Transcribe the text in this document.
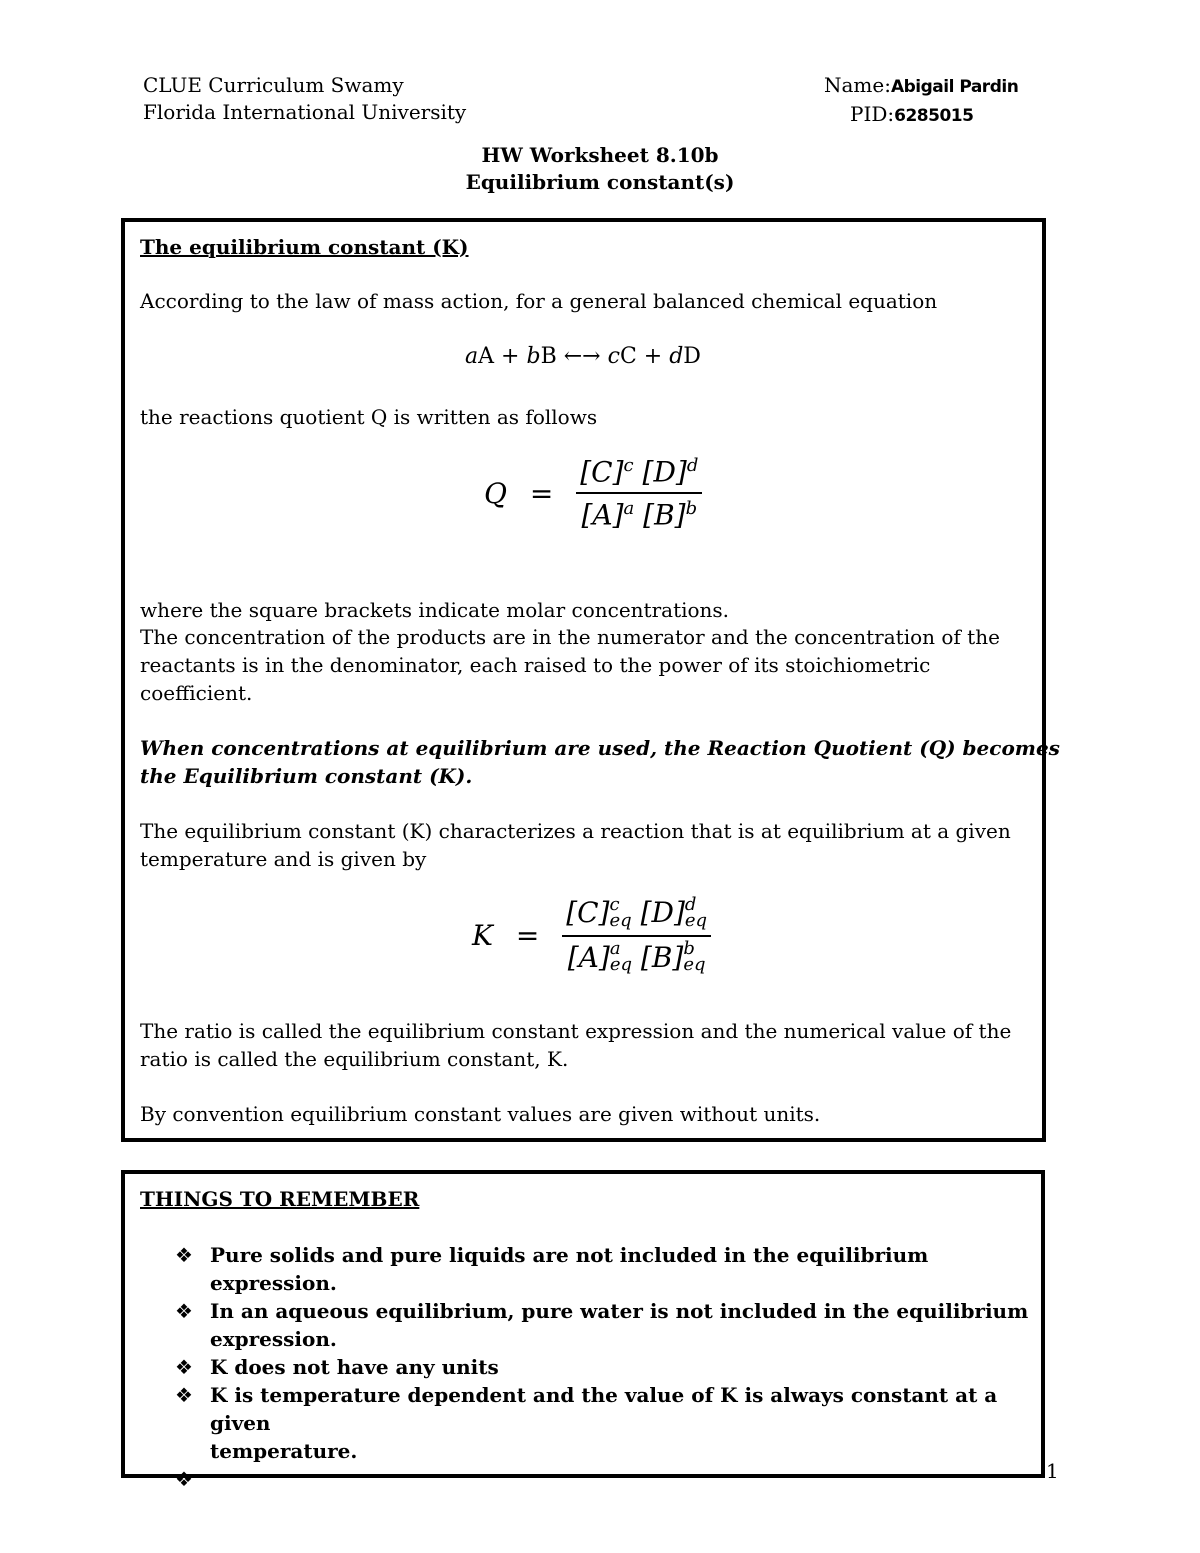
CLUE Curriculum Swamy
Florida International University
Name:Abigail Pardin
PID:6285015
HW Worksheet 8.10b
Equilibrium constant(s)
The equilibrium constant (K)
According to the law of mass action, for a general balanced chemical equation
aA + bB ←→ cC + dD
the reactions quotient Q is written as follows
$Q = \frac{[C]^c [D]^d}{[A]^a [B]^b}$
where the square brackets indicate molar concentrations.
The concentration of the products are in the numerator and the concentration of the
reactants is in the denominator, each raised to the power of its stoichiometric
coefficient.
When concentrations at equilibrium are used, the Reaction Quotient (Q) becomes
the Equilibrium constant (K).
The equilibrium constant (K) characterizes a reaction that is at equilibrium at a given
temperature and is given by
K = [C] c
eq [D] d
eq
[A] a
eq [B] b
eq
The ratio is called the equilibrium constant expression and the numerical value of the
ratio is called the equilibrium constant, K.
By convention equilibrium constant values are given without units.
THINGS TO REMEMBER
❖ Pure solids and pure liquids are not included in the equilibrium
expression.
❖ In an aqueous equilibrium, pure water is not included in the equilibrium
expression.
❖ K does not have any units
❖ K is temperature dependent and the value of K is always constant at a given
temperature.
❖	1
